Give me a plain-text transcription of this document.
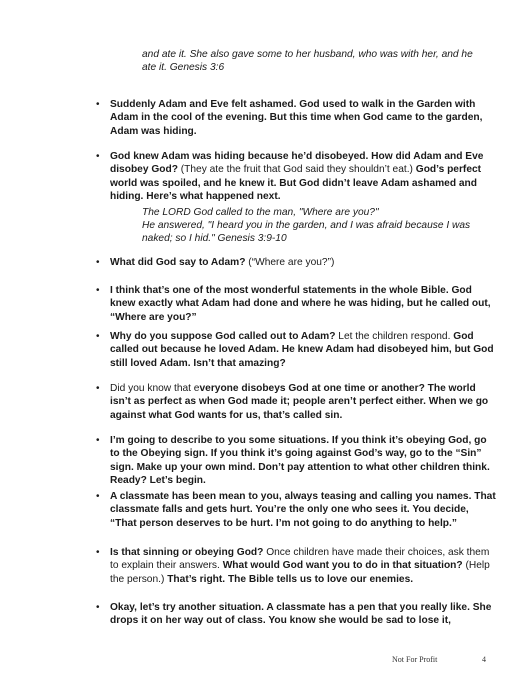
and ate it. She also gave some to her husband, who was with her, and he
ate it. Genesis 3:6
The LORD God called to the man, "Where are you?"
He answered, "I heard you in the garden, and I was afraid because I was
naked; so I hid." Genesis 3:9-10
• Suddenly Adam and Eve felt ashamed. God used to walk in the Garden with Adam in the cool of the evening. But this time when God came to the garden, Adam was hiding.
• God knew Adam was hiding because he’d disobeyed. How did Adam and Eve disobey God? (They ate the fruit that God said they shouldn’t eat.) God’s perfect world was spoiled, and he knew it. But God didn’t leave Adam ashamed and hiding. Here’s what happened next.
• What did God say to Adam? (“Where are you?”)
• I think that’s one of the most wonderful statements in the whole Bible. God knew exactly what Adam had done and where he was hiding, but he called out, “Where are you?”
• Why do you suppose God called out to Adam? Let the children respond. God called out because he loved Adam. He knew Adam had disobeyed him, but God still loved Adam. Isn’t that amazing?
• Did you know that everyone disobeys God at one time or another? The world isn’t as perfect as when God made it; people aren’t perfect either. When we go against what God wants for us, that’s called sin.
• I’m going to describe to you some situations. If you think it’s obeying God, go to the Obeying sign. If you think it’s going against God’s way, go to the “Sin” sign. Make up your own mind. Don’t pay attention to what other children think. Ready? Let’s begin.
• A classmate has been mean to you, always teasing and calling you names. That classmate falls and gets hurt. You’re the only one who sees it. You decide, “That person deserves to be hurt. I’m not going to do anything to help.”
• Is that sinning or obeying God? Once children have made their choices, ask them to explain their answers. What would God want you to do in that situation? (Help the person.) That’s right. The Bible tells us to love our enemies.
• Okay, let’s try another situation. A classmate has a pen that you really like. She drops it on her way out of class. You know she would be sad to lose it,
Not For Profit	4
